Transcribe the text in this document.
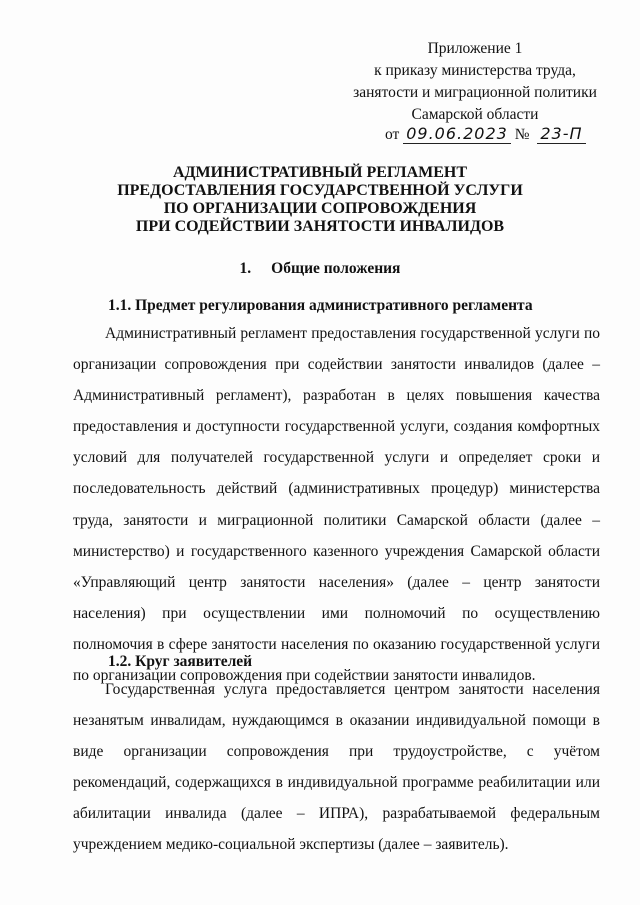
Приложение 1
к приказу министерства труда,
занятости и миграционной политики
Самарской области
от 09.06.2023 № 23-П
АДМИНИСТРАТИВНЫЙ РЕГЛАМЕНТ
ПРЕДОСТАВЛЕНИЯ ГОСУДАРСТВЕННОЙ УСЛУГИ
ПО ОРГАНИЗАЦИИ СОПРОВОЖДЕНИЯ
ПРИ СОДЕЙСТВИИ ЗАНЯТОСТИ ИНВАЛИДОВ
1. Общие положения
1.1. Предмет регулирования административного регламента

Административный регламент предоставления государственной услуги по организации сопровождения при содействии занятости инвалидов (далее – Административный регламент), разработан в целях повышения качества предоставления и доступности государственной услуги, создания комфортных условий для получателей государственной услуги и определяет сроки и последовательность действий (административных процедур) министерства труда, занятости и миграционной политики Самарской области (далее – министерство) и государственного казенного учреждения Самарской области «Управляющий центр занятости населения» (далее – центр занятости населения) при осуществлении ими полномочий по осуществлению полномочия в сфере занятости населения по оказанию государственной услуги по организации сопровождения при содействии занятости инвалидов.

1.2. Круг заявителей

Государственная услуга предоставляется центром занятости населения незанятым инвалидам, нуждающимся в оказании индивидуальной помощи в виде организации сопровождения при трудоустройстве, с учётом рекомендаций, содержащихся в индивидуальной программе реабилитации или абилитации инвалида (далее – ИПРА), разрабатываемой федеральным учреждением медико-социальной экспертизы (далее – заявитель).
